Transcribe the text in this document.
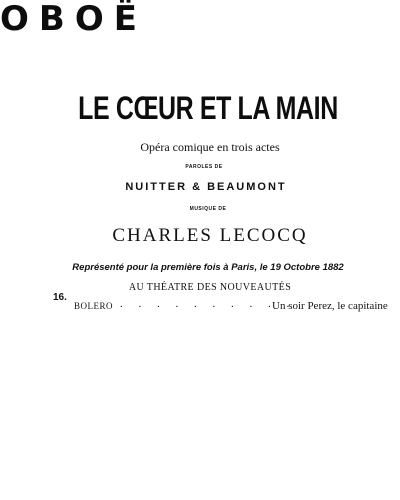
OBOË
LE CŒUR ET LA MAIN
Opéra comique en trois actes
PAROLES DE
NUITTER & BEAUMONT
MUSIQUE DE
CHARLES LECOCQ
Représenté pour la première fois à Paris, le 19 Octobre 1882
AU THÉATRE DES NOUVEAUTÉS
16.
BOLERO . . . . . . . . . .
Un soir Perez, le capitaine
